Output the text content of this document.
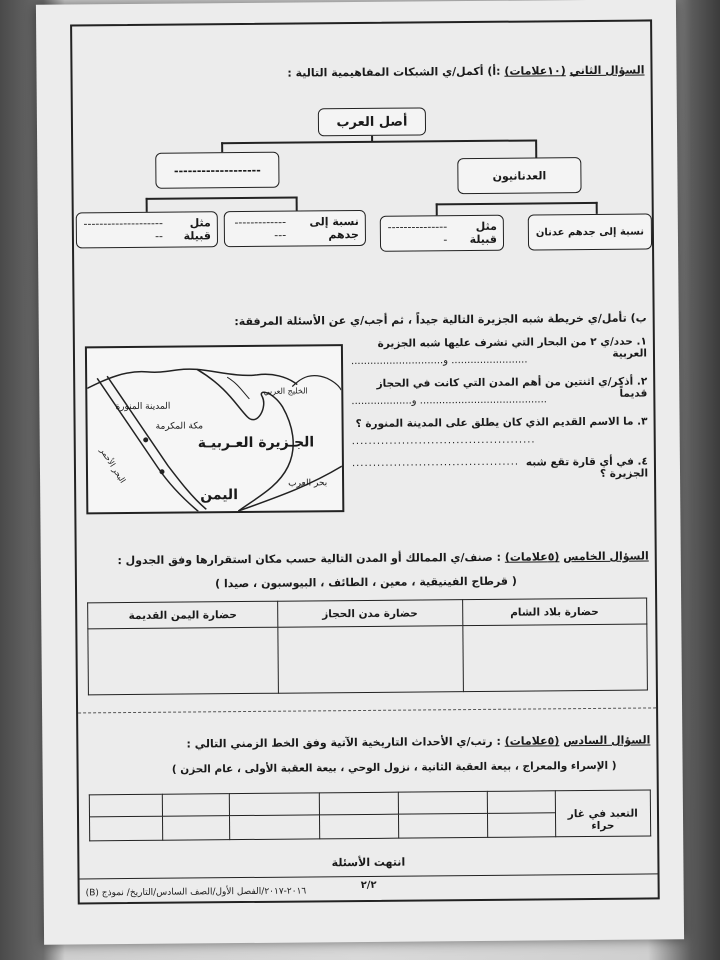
السؤال الثاني (١٠علامات) :أ) أكمل/ي الشبكات المفاهيمية التالية :
أصل العرب
-------------------	العدنانيون
مثل قبيلة
----------------------
نسبة إلى جدهم
----------------
مثل قبيلة
----------------
نسبة إلى جدهم عدنان
ب) تأمل/ي خريطة شبه الجزيرة التالية جيداً ، ثم أجب/ي عن الأسئلة المرفقة:
الجـزيرة العـربيـة
اليمن
المدينة المنورة
مكة المكرمة
بحر العرب
الخليج العربي
البحر الأحمر
١. حدد/ي ٢ من البحار التي تشرف عليها شبه الجزيرة العربية
........................ و.............................
٢. أذكر/ي اثنتين من أهم المدن التي كانت في الحجاز قديماً
........................................ و...................
٣. ما الاسم القديم الذي كان يطلق على المدينة المنورة ؟
............................................
٤. في أي قارة تقع شبه الجزيرة ؟
........................................
السؤال الخامس (٥علامات) : صنف/ي الممالك أو المدن التالية حسب مكان استقرارها وفق الجدول :
( قرطاج الفينيقية ، معين ، الطائف ، البيوسبون ، صيدا )
حضارة بلاد الشام	حضارة مدن الحجاز	حضارة اليمن القديمة

السؤال السادس (٥علامات) : رتب/ي الأحداث التاريخية الآتية وفق الخط الزمني التالي :
( الإسراء والمعراج ، بيعة العقبة الثانية ، نزول الوحي ، بيعة العقبة الأولى ، عام الحزن )
التعبد في غار حراء						

انتهت الأسئلة
٢/٢
٢٠١٦-٢٠١٧/الفصل الأول/الصف السادس/التاريخ/ نموذج (B)
